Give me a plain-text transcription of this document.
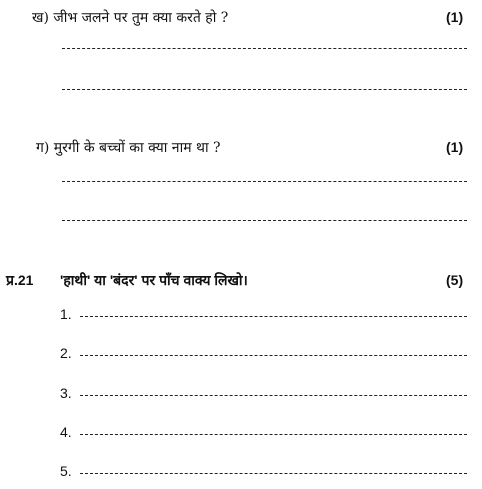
ख) जीभ जलने पर तुम क्या करते हो ?	(1)
ग) मुरगी के बच्चों का क्या नाम था ?	(1)
प्र.21 'हाथी' या 'बंदर' पर पाँच वाक्य लिखो।	(5)
1.
2.
3.
4.
5.
